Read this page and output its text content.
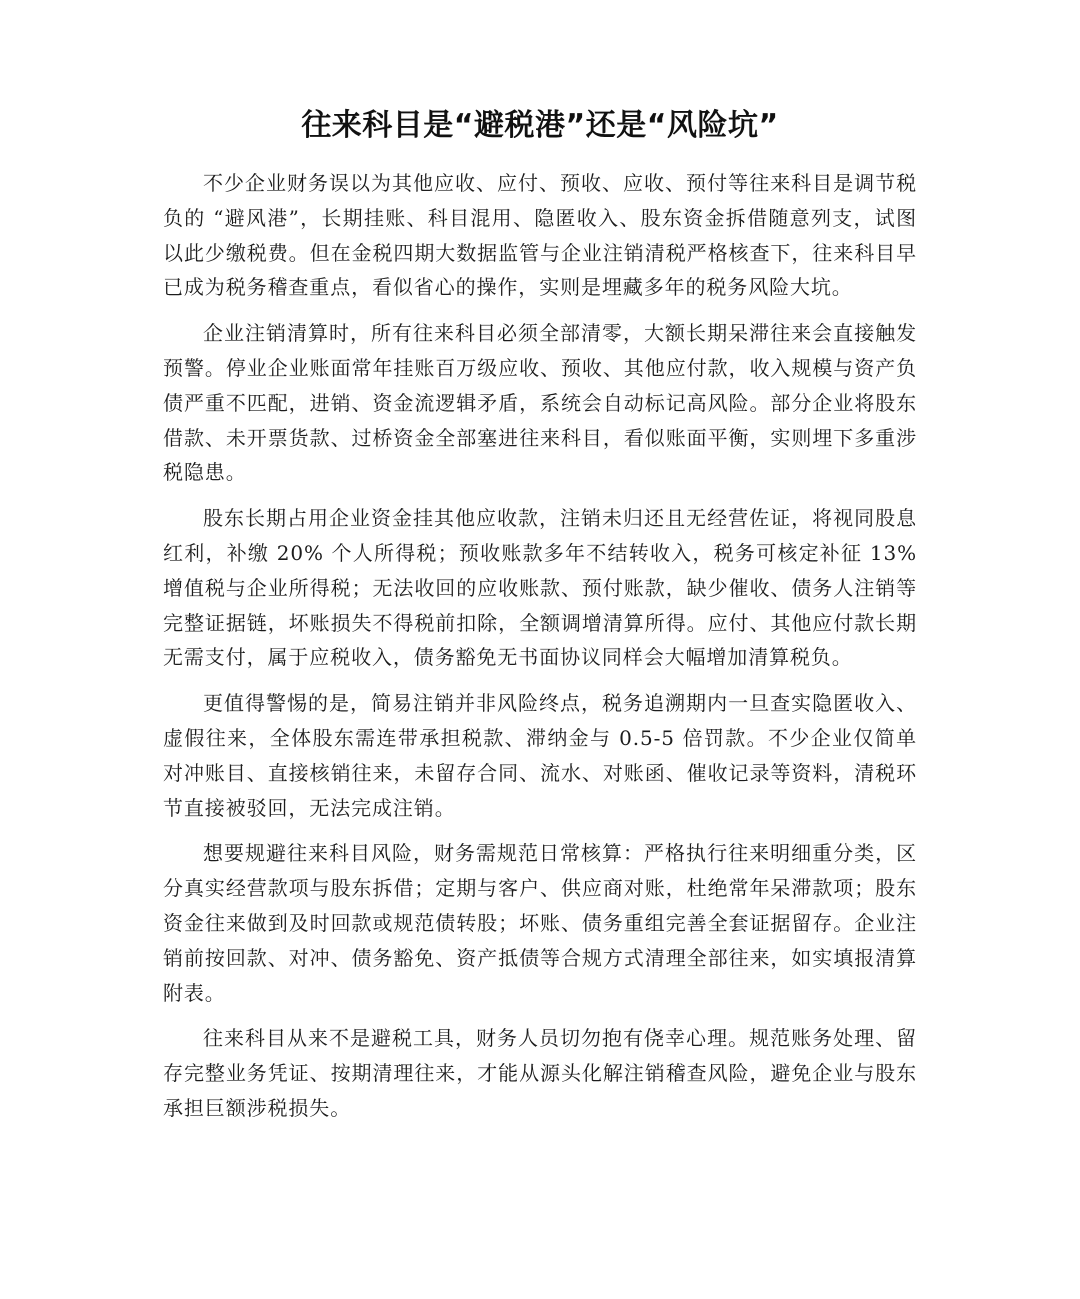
往来科目是“避税港”还是“风险坑”

不少企业财务误以为其他应收、应付、预收、应收、预付等往来科目是调节税负的 “避风港”，长期挂账、科目混用、隐匿收入、股东资金拆借随意列支，试图以此少缴税费。但在金税四期大数据监管与企业注销清税严格核查下，往来科目早已成为税务稽查重点，看似省心的操作，实则是埋藏多年的税务风险大坑。

企业注销清算时，所有往来科目必须全部清零，大额长期呆滞往来会直接触发预警。停业企业账面常年挂账百万级应收、预收、其他应付款，收入规模与资产负债严重不匹配，进销、资金流逻辑矛盾，系统会自动标记高风险。部分企业将股东借款、未开票货款、过桥资金全部塞进往来科目，看似账面平衡，实则埋下多重涉税隐患。

股东长期占用企业资金挂其他应收款，注销未归还且无经营佐证，将视同股息红利，补缴 20% 个人所得税；预收账款多年不结转收入，税务可核定补征 13% 增值税与企业所得税；无法收回的应收账款、预付账款，缺少催收、债务人注销等完整证据链，坏账损失不得税前扣除，全额调增清算所得。应付、其他应付款长期无需支付，属于应税收入，债务豁免无书面协议同样会大幅增加清算税负。

更值得警惕的是，简易注销并非风险终点，税务追溯期内一旦查实隐匿收入、虚假往来，全体股东需连带承担税款、滞纳金与 0.5-5 倍罚款。不少企业仅简单对冲账目、直接核销往来，未留存合同、流水、对账函、催收记录等资料，清税环节直接被驳回，无法完成注销。

想要规避往来科目风险，财务需规范日常核算：严格执行往来明细重分类，区分真实经营款项与股东拆借；定期与客户、供应商对账，杜绝常年呆滞款项；股东资金往来做到及时回款或规范债转股；坏账、债务重组完善全套证据留存。企业注销前按回款、对冲、债务豁免、资产抵债等合规方式清理全部往来，如实填报清算附表。

往来科目从来不是避税工具，财务人员切勿抱有侥幸心理。规范账务处理、留存完整业务凭证、按期清理往来，才能从源头化解注销稽查风险，避免企业与股东承担巨额涉税损失。
